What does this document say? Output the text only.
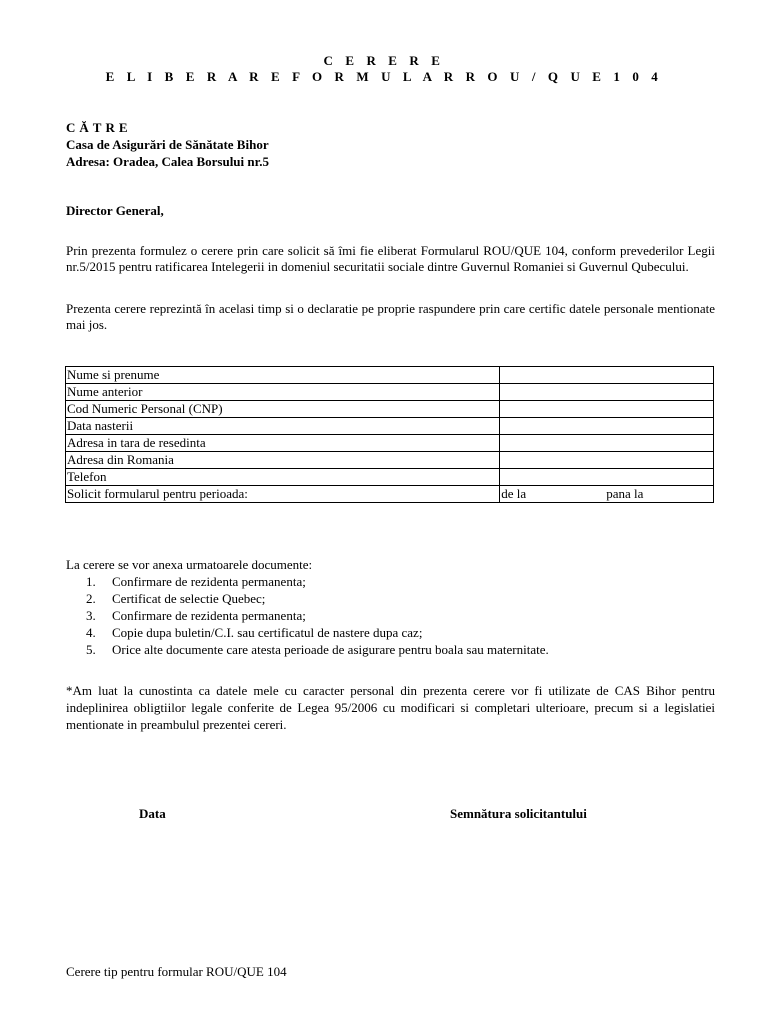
C E R E R E
E L I B E R A R E F O R M U L A R R O U / Q U E 1 0 4
CĂTRE
Casa de Asigurări de Sănătate Bihor
Adresa: Oradea, Calea Borsului nr.5
Director General,
Prin prezenta formulez o cerere prin care solicit să îmi fie eliberat Formularul ROU/QUE 104, conform prevederilor Legii nr.5/2015 pentru ratificarea Intelegerii in domeniul securitatii sociale dintre Guvernul Romaniei si Guvernul Qubecului.
Prezenta cerere reprezintă în acelasi timp si o declaratie pe proprie raspundere prin care certific datele personale mentionate mai jos.
Nume si prenume	
Nume anterior	
Cod Numeric Personal (CNP)	
Data nasterii	
Adresa in tara de resedinta	
Adresa din Romania	
Telefon	
Solicit formularul pentru perioada:	de la pana la
La cerere se vor anexa urmatoarele documente:
1. Confirmare de rezidenta permanenta;
2. Certificat de selectie Quebec;
3. Confirmare de rezidenta permanenta;
4. Copie dupa buletin/C.I. sau certificatul de nastere dupa caz;
5. Orice alte documente care atesta perioade de asigurare pentru boala sau maternitate.
*Am luat la cunostinta ca datele mele cu caracter personal din prezenta cerere vor fi utilizate de CAS Bihor pentru indeplinirea obligtiilor legale conferite de Legea 95/2006 cu modificari si completari ulterioare, precum si a legislatiei mentionate in preambulul prezentei cereri.
Data	Semnătura solicitantului
Cerere tip pentru formular ROU/QUE 104
